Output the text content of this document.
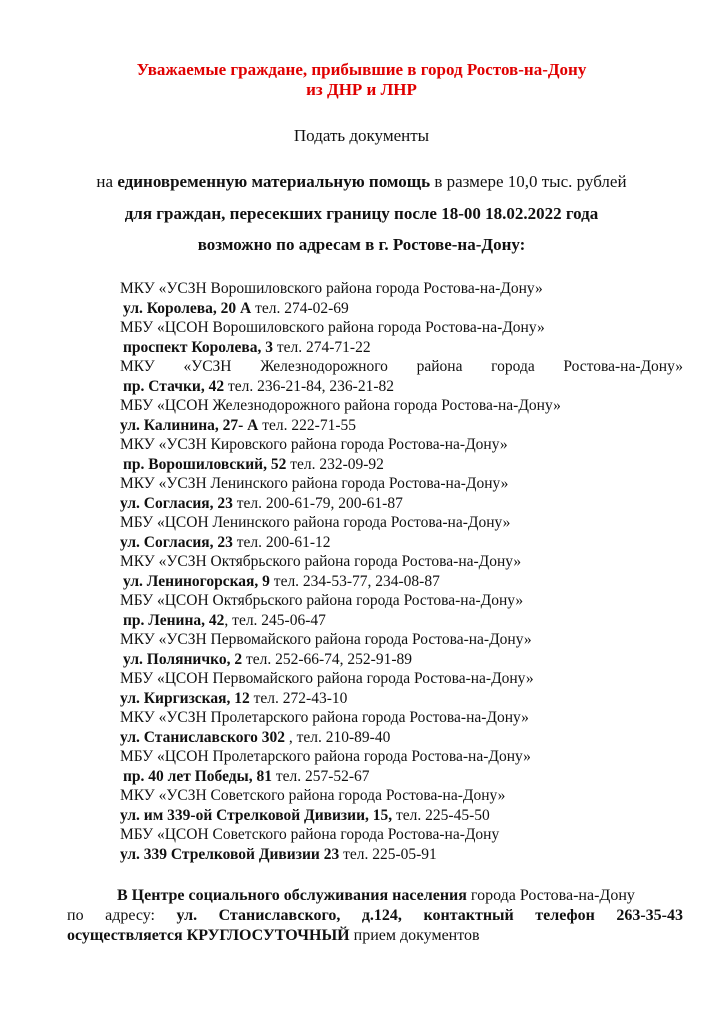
Уважаемые граждане, прибывшие в город Ростов-на-Дону
из ДНР и ЛНР
Подать документы
на единовременную материальную помощь в размере 10,0 тыс. рублей
для граждан, пересекших границу после 18-00 18.02.2022 года
возможно по адресам в г. Ростове-на-Дону:
МКУ «УСЗН Ворошиловского района города Ростова-на-Дону»
ул. Королева, 20 А тел. 274-02-69
МБУ «ЦСОН Ворошиловского района города Ростова-на-Дону»
проспект Королева, 3 тел. 274-71-22
МКУ «УСЗН Железнодорожного района города Ростова-на-Дону»
пр. Стачки, 42 тел. 236-21-84, 236-21-82
МБУ «ЦСОН Железнодорожного района города Ростова-на-Дону»
ул. Калинина, 27- А тел. 222-71-55
МКУ «УСЗН Кировского района города Ростова-на-Дону»
пр. Ворошиловский, 52 тел. 232-09-92
МКУ «УСЗН Ленинского района города Ростова-на-Дону»
ул. Согласия, 23 тел. 200-61-79, 200-61-87
МБУ «ЦСОН Ленинского района города Ростова-на-Дону»
ул. Согласия, 23 тел. 200-61-12
МКУ «УСЗН Октябрьского района города Ростова-на-Дону»
ул. Лениногорская, 9 тел. 234-53-77, 234-08-87
МБУ «ЦСОН Октябрьского района города Ростова-на-Дону»
пр. Ленина, 42, тел. 245-06-47
МКУ «УСЗН Первомайского района города Ростова-на-Дону»
ул. Поляничко, 2 тел. 252-66-74, 252-91-89
МБУ «ЦСОН Первомайского района города Ростова-на-Дону»
ул. Киргизская, 12 тел. 272-43-10
МКУ «УСЗН Пролетарского района города Ростова-на-Дону»
ул. Станиславского 302 , тел. 210-89-40
МБУ «ЦСОН Пролетарского района города Ростова-на-Дону»
пр. 40 лет Победы, 81 тел. 257-52-67
МКУ «УСЗН Советского района города Ростова-на-Дону»
ул. им 339-ой Стрелковой Дивизии, 15, тел. 225-45-50
МБУ «ЦСОН Советского района города Ростова-на-Дону
ул. 339 Стрелковой Дивизии 23 тел. 225-05-91
В Центре социального обслуживания населения города Ростова-на-Дону
по адресу: ул. Станиславского, д.124, контактный телефон 263-35-43
осуществляется КРУГЛОСУТОЧНЫЙ прием документов
